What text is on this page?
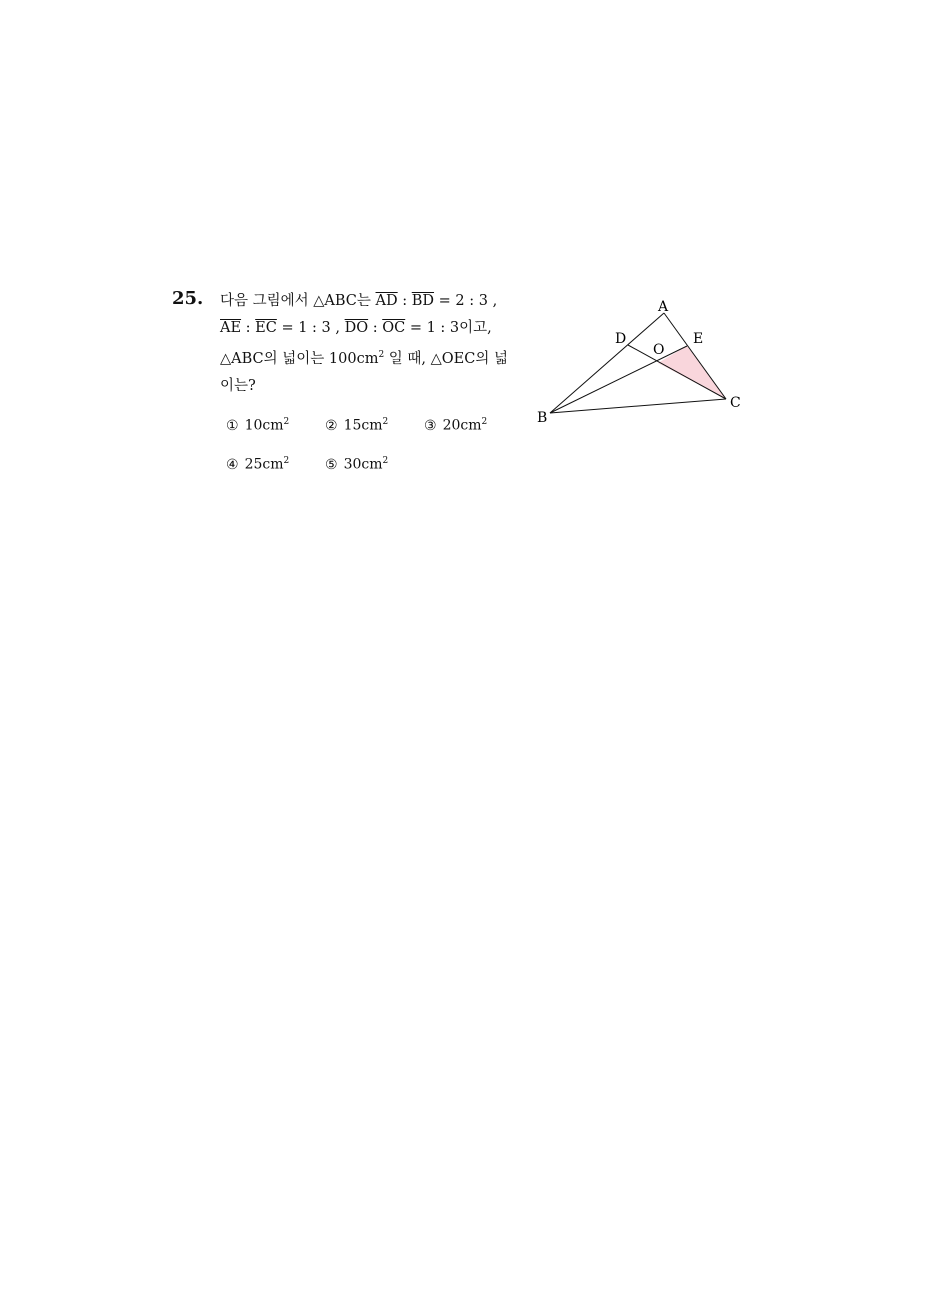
25. 다음 그림에서 △ABC는 $\overline{AD}$ : $\overline{BD} = 2$ : 3 ,
$\overline{AE}$ : $\overline{EC} = 1$ : 3 , $\overline{DO}$ : $\overline{OC} = 1$ : 3이고,
△ABC의 넓이는 $100cm^2$ 일 때, △OEC의 넓
이는?
① $10cm^2$	② $15cm^2$	③ $20cm^2$
④ $25cm^2$	⑤ $30cm^2$
A
B
C
D	E
O
